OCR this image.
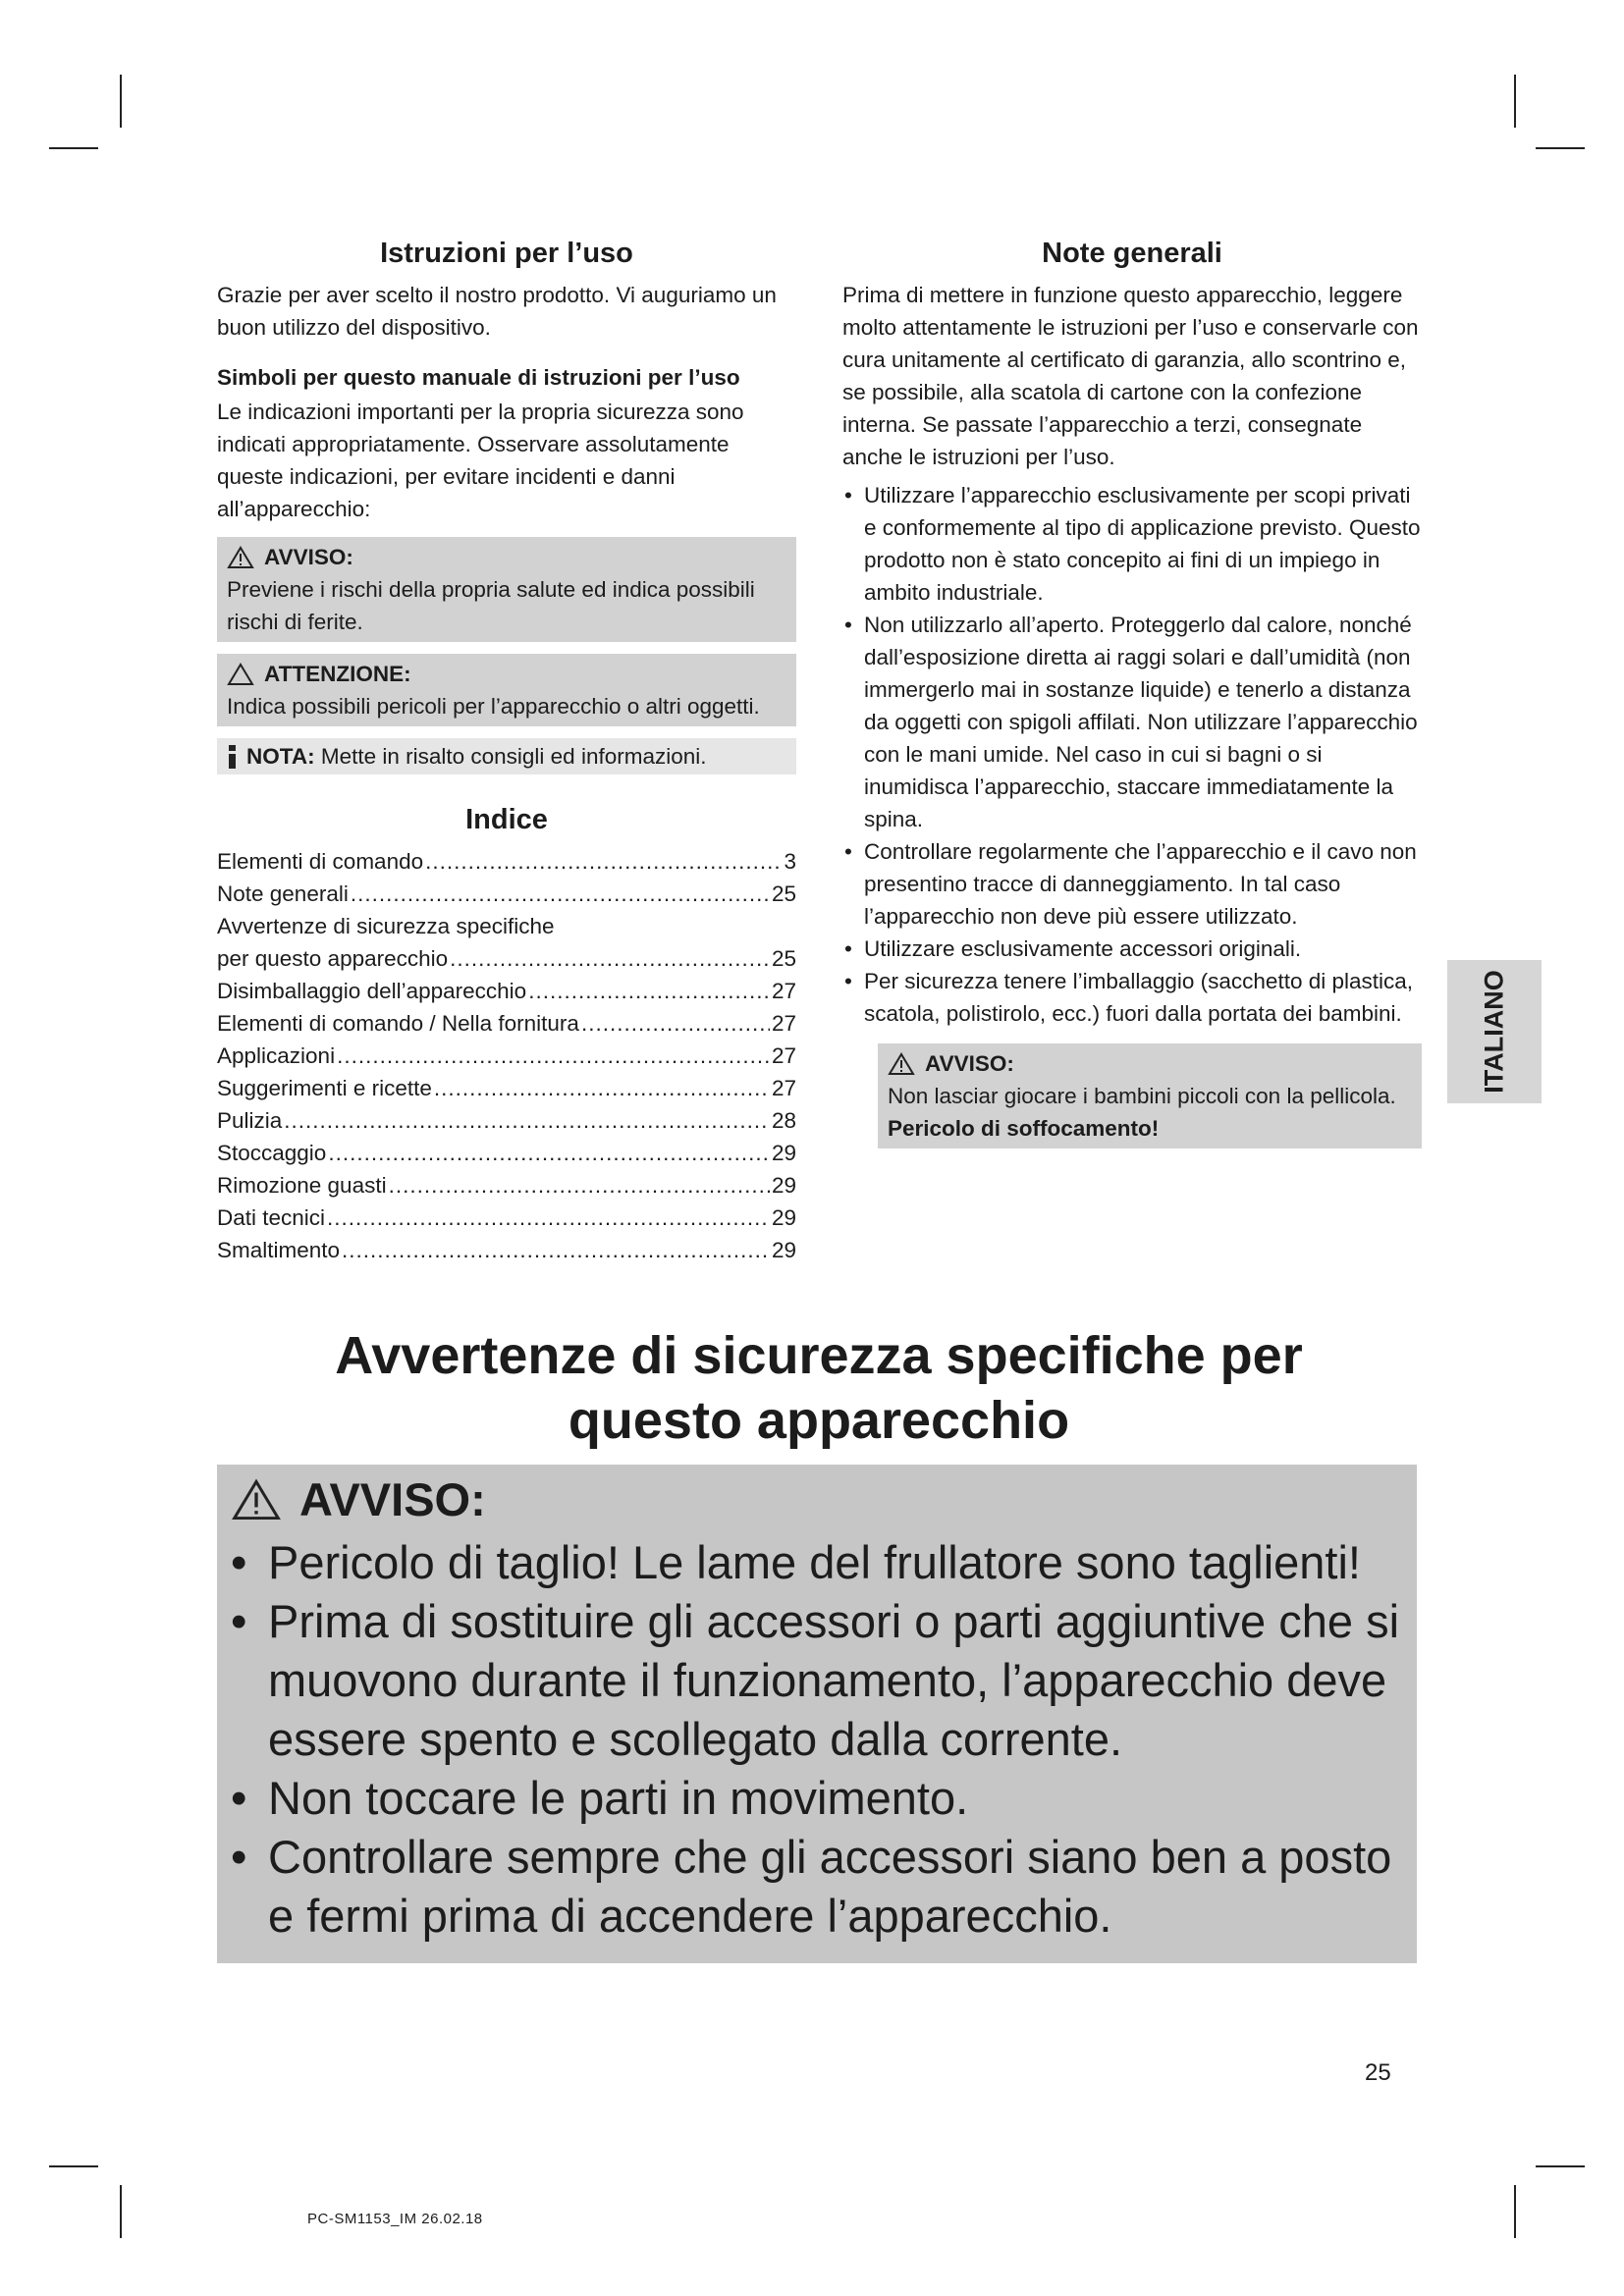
Istruzioni per l’uso

Grazie per aver scelto il nostro prodotto. Vi auguriamo un buon utilizzo del dispositivo.

Simboli per questo manuale di istruzioni per l’uso

Le indicazioni importanti per la propria sicurezza sono indicati appropriatamente. Osservare assolutamente queste indicazioni, per evitare incidenti e danni all’apparecchio:

AVVISO:

Previene i rischi della propria salute ed indica possibili rischi di ferite.

ATTENZIONE:

Indica possibili pericoli per l’apparecchio o altri oggetti.

NOTA: Mette in risalto consigli ed informazioni.
Indice
Elementi di comando .....	3
Note generali .....	25
Avvertenze di sicurezza specifiche
per questo apparecchio .....	25
Disimballaggio dell’apparecchio .....	27
Elementi di comando / Nella fornitura .....	27
Applicazioni .....	27
Suggerimenti e ricette .....	27
Pulizia .....	28
Stoccaggio .....	29
Rimozione guasti .....	29
Dati tecnici .....	29
Smaltimento .....	29
Note generali

Prima di mettere in funzione questo apparecchio, leggere molto attentamente le istruzioni per l’uso e conservarle con cura unitamente al certificato di garanzia, allo scontrino e, se possibile, alla scatola di cartone con la confezione interna. Se passate l’apparecchio a terzi, consegnate anche le istruzioni per l’uso.

• Utilizzare l’apparecchio esclusivamente per scopi privati e conformemente al tipo di applicazione previsto. Questo prodotto non è stato concepito ai fini di un impiego in ambito industriale.
• Non utilizzarlo all’aperto. Proteggerlo dal calore, nonché dall’esposizione diretta ai raggi solari e dall’umidità (non immergerlo mai in sostanze liquide) e tenerlo a distanza da oggetti con spigoli affilati. Non utilizzare l’apparecchio con le mani umide. Nel caso in cui si bagni o si inumidisca l’apparecchio, staccare immediatamente la spina.
• Controllare regolarmente che l’apparecchio e il cavo non presentino tracce di danneggiamento. In tal caso l’apparecchio non deve più essere utilizzato.
• Utilizzare esclusivamente accessori originali.
• Per sicurezza tenere l’imballaggio (sacchetto di plastica, scatola, polistirolo, ecc.) fuori dalla portata dei bambini.
AVVISO:

Non lasciar giocare i bambini piccoli con la pellicola.

Pericolo di soffocamento!

ITALIANO
Avvertenze di sicurezza specifiche per
questo apparecchio
AVVISO:
• Pericolo di taglio! Le lame del frullatore sono taglienti!
• Prima di sostituire gli accessori o parti aggiuntive che si muovono durante il funzionamento, l’apparecchio deve essere spento e scollegato dalla corrente.
• Non toccare le parti in movimento.
• Controllare sempre che gli accessori siano ben a posto e fermi prima di accendere l’apparecchio.
25
PC-SM1153_IM 26.02.18
